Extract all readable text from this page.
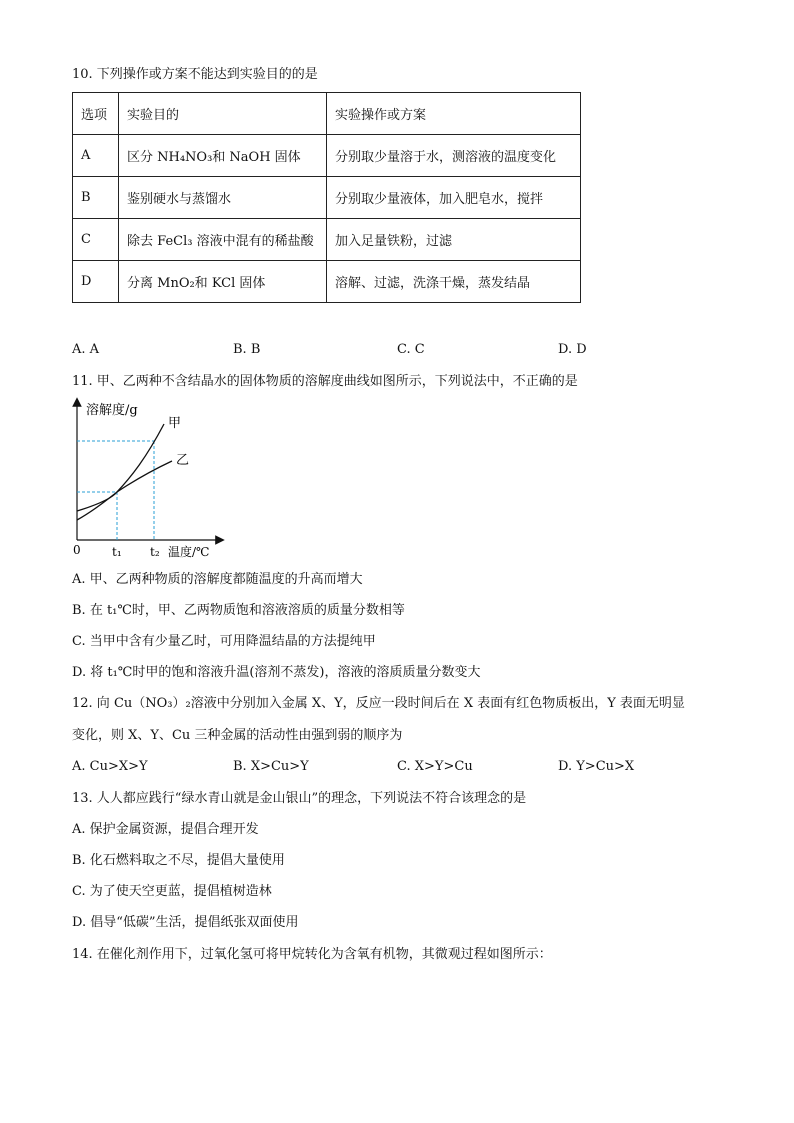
10. 下列操作或方案不能达到实验目的的是
选项	实验目的	实验操作或方案
A	区分 NH₄NO₃和 NaOH 固体	分别取少量溶于水，测溶液的温度变化
B	鉴别硬水与蒸馏水	分别取少量液体，加入肥皂水，搅拌
C	除去 FeCl₃ 溶液中混有的稀盐酸	加入足量铁粉，过滤
D	分离 MnO₂和 KCl 固体	溶解、过滤，洗涤干燥，蒸发结晶
A. A	B. B	C. C	D. D
11. 甲、乙两种不含结晶水的固体物质的溶解度曲线如图所示，下列说法中，不正确的是
溶解度/g
甲
乙
0	t₁ t₂ 温度/℃
A. 甲、乙两种物质的溶解度都随温度的升高而增大
B. 在 t₁℃时，甲、乙两物质饱和溶液溶质的质量分数相等
C. 当甲中含有少量乙时，可用降温结晶的方法提纯甲
D. 将 t₁℃时甲的饱和溶液升温(溶剂不蒸发)，溶液的溶质质量分数变大
12. 向 Cu（NO₃）₂溶液中分别加入金属 X、Y，反应一段时间后在 X 表面有红色物质板出，Y 表面无明显
变化，则 X、Y、Cu 三种金属的活动性由强到弱的顺序为
A. Cu>X>Y	B. X>Cu>Y	C. X>Y>Cu	D. Y>Cu>X
13. 人人都应践行“绿水青山就是金山银山”的理念，下列说法不符合该理念的是
A. 保护金属资源，提倡合理开发
B. 化石燃料取之不尽，提倡大量使用
C. 为了使天空更蓝，提倡植树造林
D. 倡导“低碳”生活，提倡纸张双面使用
14. 在催化剂作用下，过氧化氢可将甲烷转化为含氧有机物，其微观过程如图所示：
